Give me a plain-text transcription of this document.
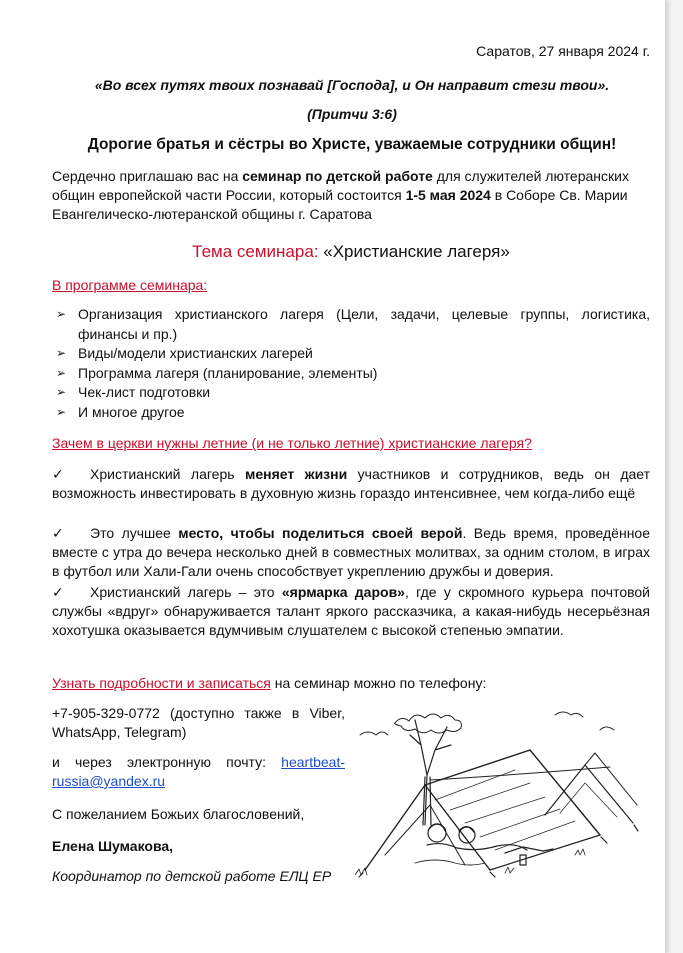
Саратов, 27 января 2024 г.
«Во всех путях твоих познавай [Господа], и Он направит стези твои».
(Притчи 3:6)
Дорогие братья и сёстры во Христе, уважаемые сотрудники общин!
Сердечно приглашаю вас на семинар по детской работе для служителей лютеранских общин европейской части России, который состоится 1-5 мая 2024 в Соборе Св. Марии Евангелическо-лютеранской общины г. Саратова
Тема семинара: «Христианские лагеря»
В программе семинара:
➢ Организация христианского лагеря (Цели, задачи, целевые группы, логистика, финансы и пр.)
➢ Виды/модели христианских лагерей
➢ Программа лагеря (планирование, элементы)
➢ Чек-лист подготовки
➢ И многое другое
Зачем в церкви нужны летние (и не только летние) христианские лагеря?
✓ Христианский лагерь меняет жизни участников и сотрудников, ведь он дает возможность инвестировать в духовную жизнь гораздо интенсивнее, чем когда-либо ещё
✓ Это лучшее место, чтобы поделиться своей верой. Ведь время, проведённое вместе с утра до вечера несколько дней в совместных молитвах, за одним столом, в играх в футбол или Хали-Гали очень способствует укреплению дружбы и доверия.
✓ Христианский лагерь – это «ярмарка даров», где у скромного курьера почтовой службы «вдруг» обнаруживается талант яркого рассказчика, а какая-нибудь несерьёзная хохотушка оказывается вдумчивым слушателем с высокой степенью эмпатии.
Узнать подробности и записаться на семинар можно по телефону:
+7-905-329-0772 (доступно также в Viber, WhatsApp, Telegram)
и через электронную почту: heartbeat-russia@yandex.ru
С пожеланием Божьих благословений,
Елена Шумакова,
Координатор по детской работе ЕЛЦ ЕР
